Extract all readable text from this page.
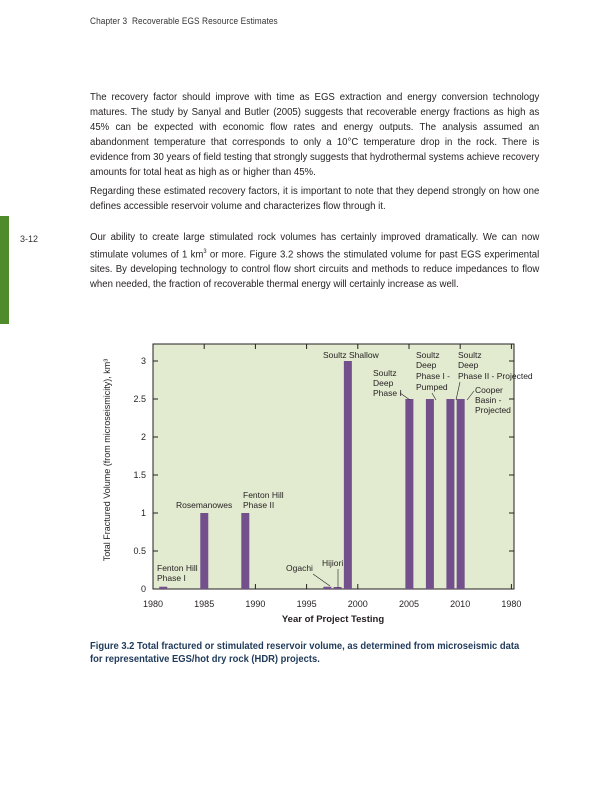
Chapter 3 Recoverable EGS Resource Estimates
3-12

The recovery factor should improve with time as EGS extraction and energy conversion technology matures. The study by Sanyal and Butler (2005) suggests that recoverable energy fractions as high as 45% can be expected with economic flow rates and energy outputs. The analysis assumed an abandonment temperature that corresponds to only a 10°C temperature drop in the rock. There is evidence from 30 years of field testing that strongly suggests that hydrothermal systems achieve recovery amounts for total heat as high as or higher than 45%.

Regarding these estimated recovery factors, it is important to note that they depend strongly on how one defines accessible reservoir volume and characterizes flow through it.

Our ability to create large stimulated rock volumes has certainly improved dramatically. We can now stimulate volumes of 1 $km^3$ or more. Figure 3.2 shows the stimulated volume for past EGS experimental sites. By developing technology to control flow short circuits and methods to reduce impedances to flow when needed, the fraction of recoverable thermal energy will certainly increase as well.

1980	1985	1990	1995	2000	2005	2010	1980
0
0.5
1
1.5
2
2.5
3
Year of Project Testing
Total Fractured Volume (from microseismicity), km³
Fenton Hill
Phase I
Rosemanowes
Fenton Hill
Phase II
Ogachi Hijiori
Soultz Shallow
Soultz
Deep
Phase I
Soultz
Deep
Phase I -
Pumped
Soultz
Deep
Phase II - Projected
Cooper
Basin -
Projected
Figure 3.2 Total fractured or stimulated reservoir volume, as determined from microseismic data for representative EGS/hot dry rock (HDR) projects.
